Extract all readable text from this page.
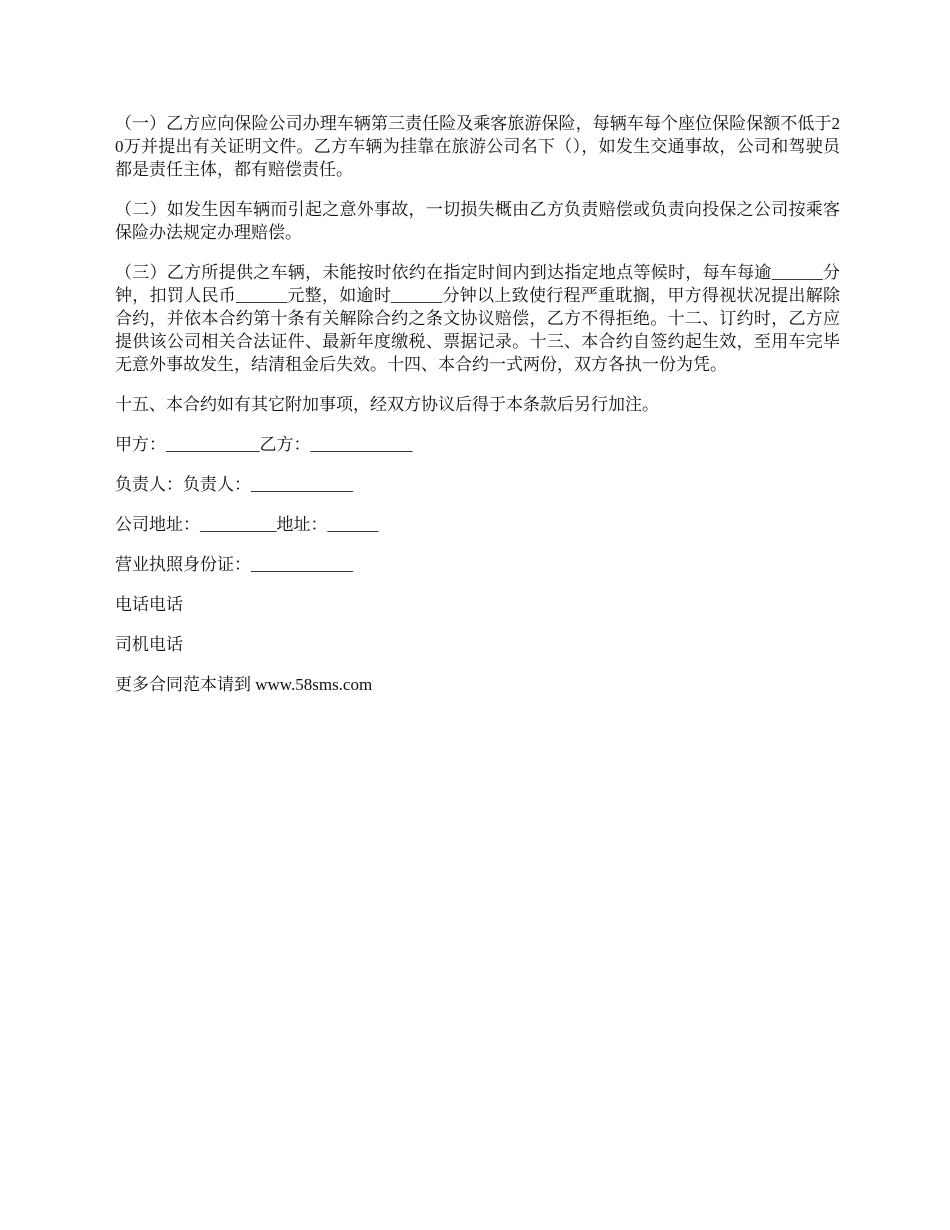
（一）乙方应向保险公司办理车辆第三责任险及乘客旅游保险，每辆车每个座位保险保额不低于20万并提出有关证明文件。乙方车辆为挂靠在旅游公司名下（），如发生交通事故，公司和驾驶员都是责任主体，都有赔偿责任。

（二）如发生因车辆而引起之意外事故，一切损失概由乙方负责赔偿或负责向投保之公司按乘客保险办法规定办理赔偿。

（三）乙方所提供之车辆，未能按时依约在指定时间内到达指定地点等候时，每车每逾______分钟，扣罚人民币______元整，如逾时______分钟以上致使行程严重耽搁，甲方得视状况提出解除合约，并依本合约第十条有关解除合约之条文协议赔偿，乙方不得拒绝。十二、订约时，乙方应提供该公司相关合法证件、最新年度缴税、票据记录。十三、本合约自签约起生效，至用车完毕无意外事故发生，结清租金后失效。十四、本合约一式两份，双方各执一份为凭。

十五、本合约如有其它附加事项，经双方协议后得于本条款后另行加注。

甲方：___________乙方：____________

负责人：负责人：____________

公司地址：_________地址：______

营业执照身份证：____________

电话电话

司机电话

更多合同范本请到 www.58sms.com
